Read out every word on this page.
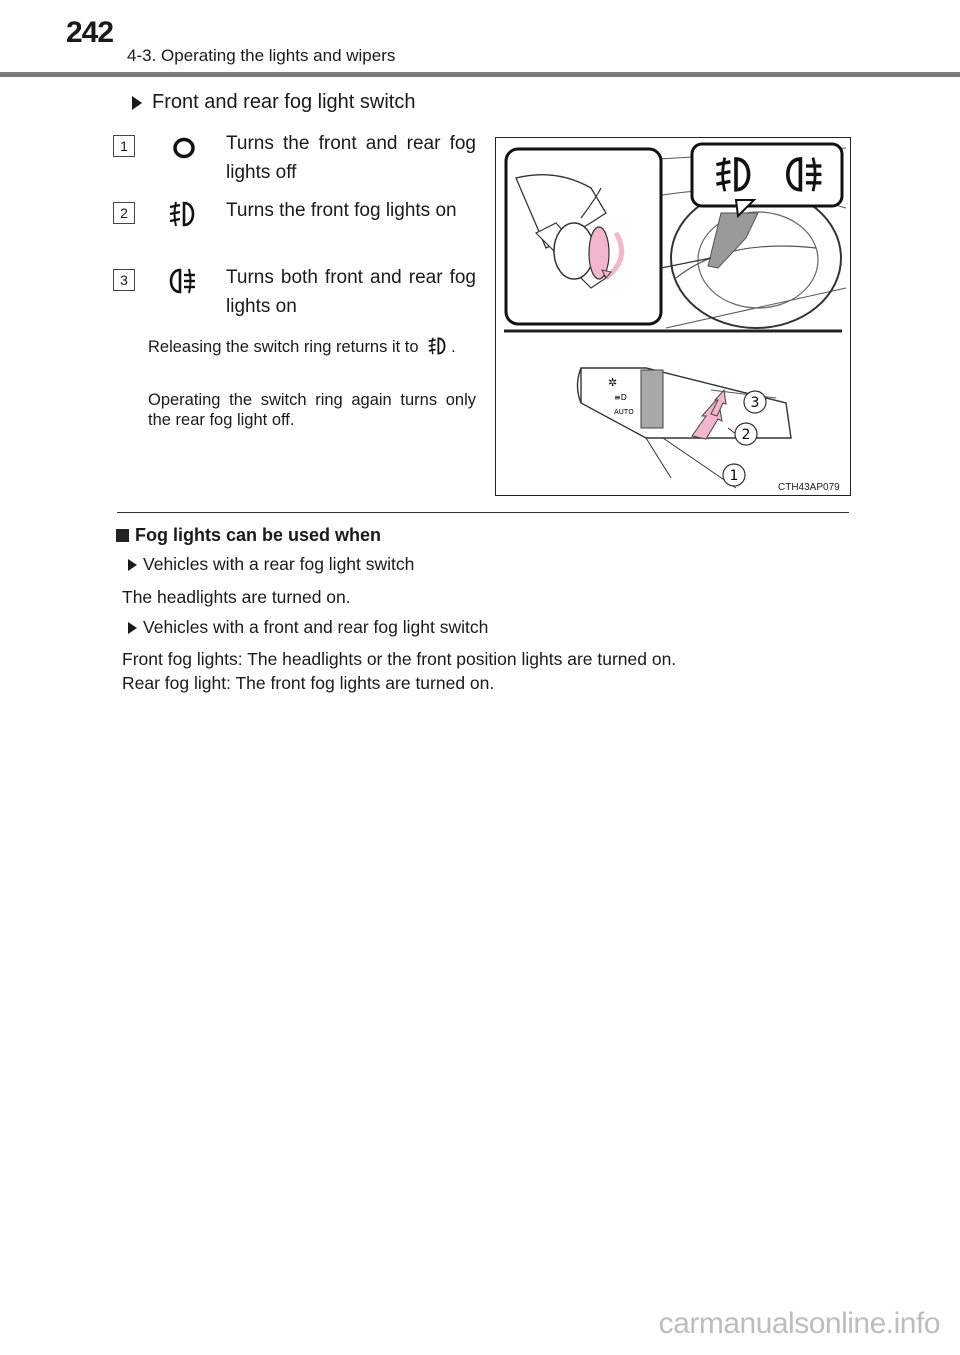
242
4-3. Operating the lights and wipers
Front and rear fog light switch
1	Turns the front and rear fog lights off
2	Turns the front fog lights on
3	Turns both front and rear fog lights on
Releasing the switch ring returns it to .
Operating the switch ring again turns only the rear fog light off.
✲
≡D
AUTO
1
2
3
CTH43AP079
Fog lights can be used when
Vehicles with a rear fog light switch
The headlights are turned on.
Vehicles with a front and rear fog light switch
Front fog lights: The headlights or the front position lights are turned on.
Rear fog light: The front fog lights are turned on.
carmanualsonline.info
